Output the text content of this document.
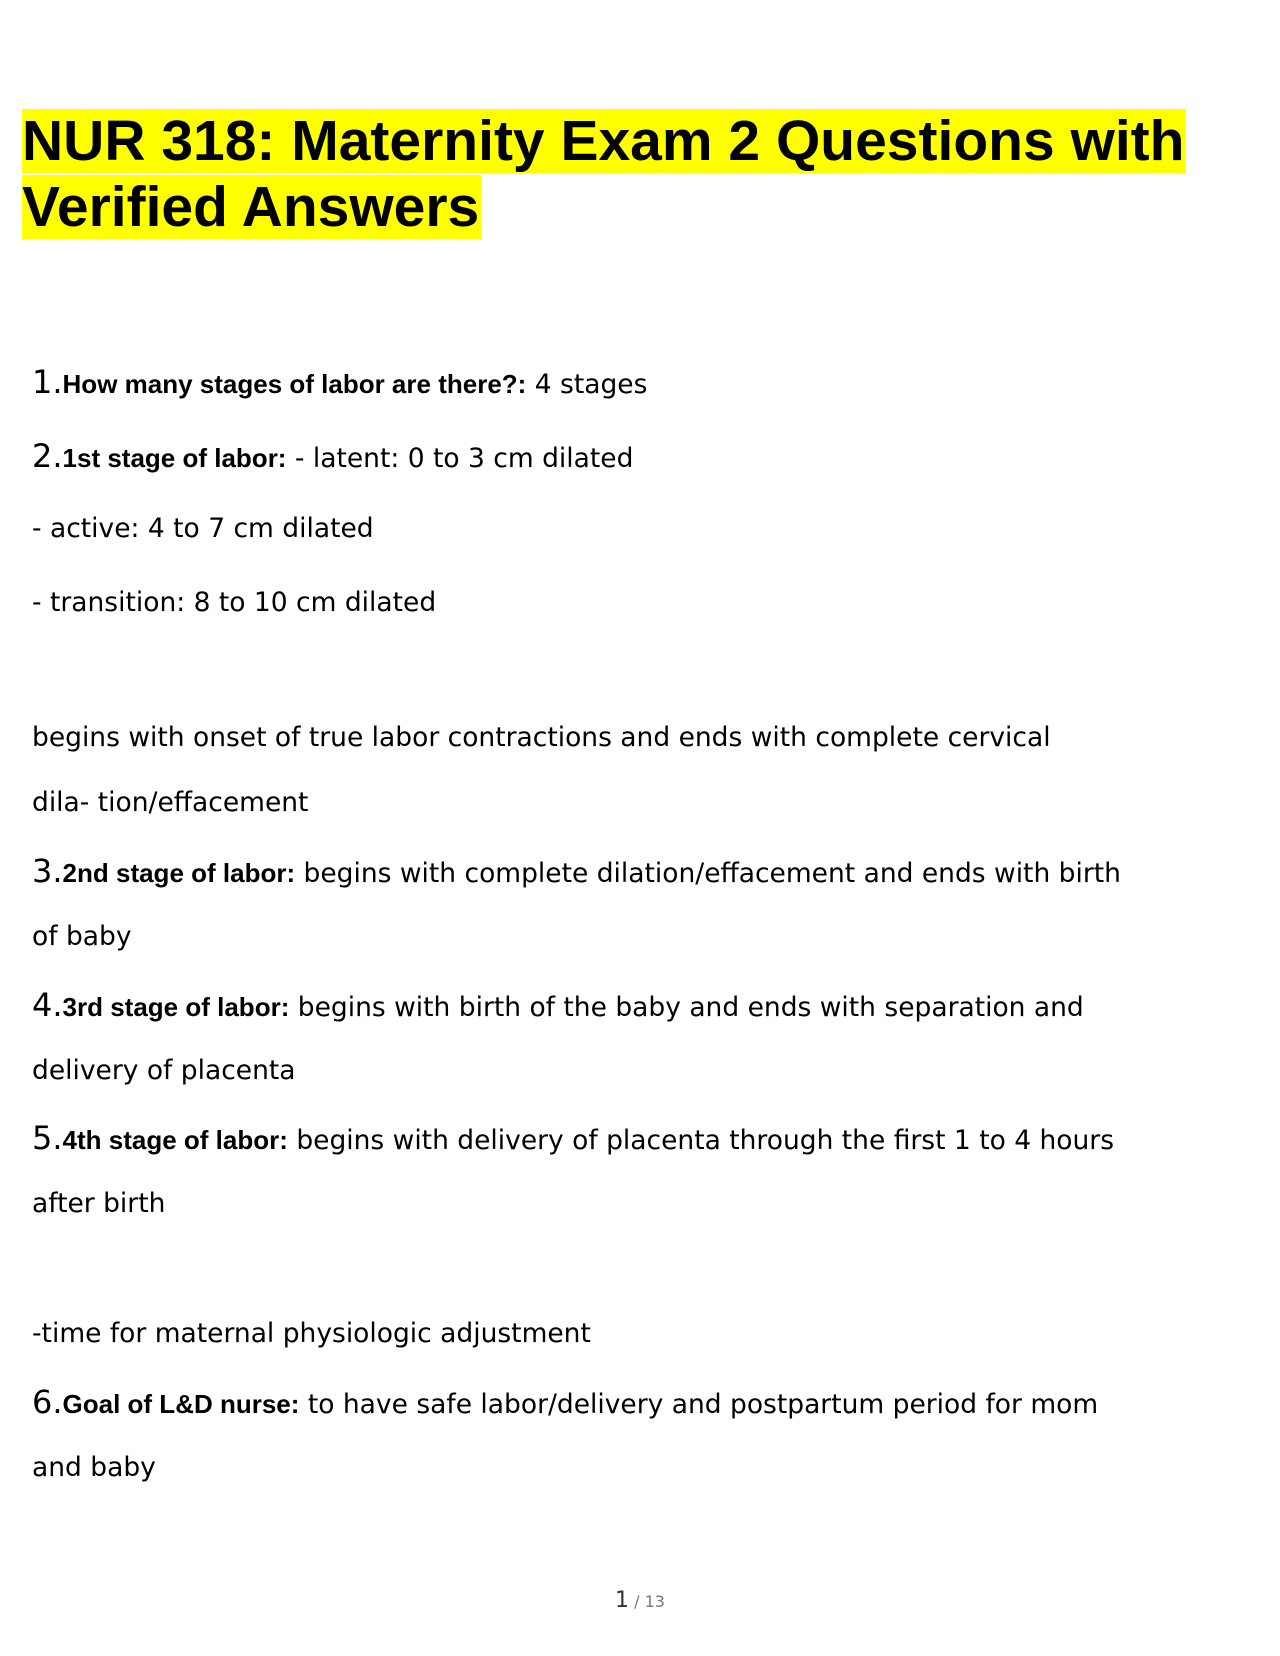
NUR 318: Maternity Exam 2 Questions with Verified Answers

1.How many stages of labor are there?: 4 stages

2.1st stage of labor: - latent: 0 to 3 cm dilated

- active: 4 to 7 cm dilated

- transition: 8 to 10 cm dilated

begins with onset of true labor contractions and ends with complete cervical

dila- tion/effacement

3.2nd stage of labor: begins with complete dilation/effacement and ends with birth

of baby

4.3rd stage of labor: begins with birth of the baby and ends with separation and

delivery of placenta

5.4th stage of labor: begins with delivery of placenta through the first 1 to 4 hours

after birth

-time for maternal physiologic adjustment

6.Goal of L&D nurse: to have safe labor/delivery and postpartum period for mom

and baby

1 / 13
